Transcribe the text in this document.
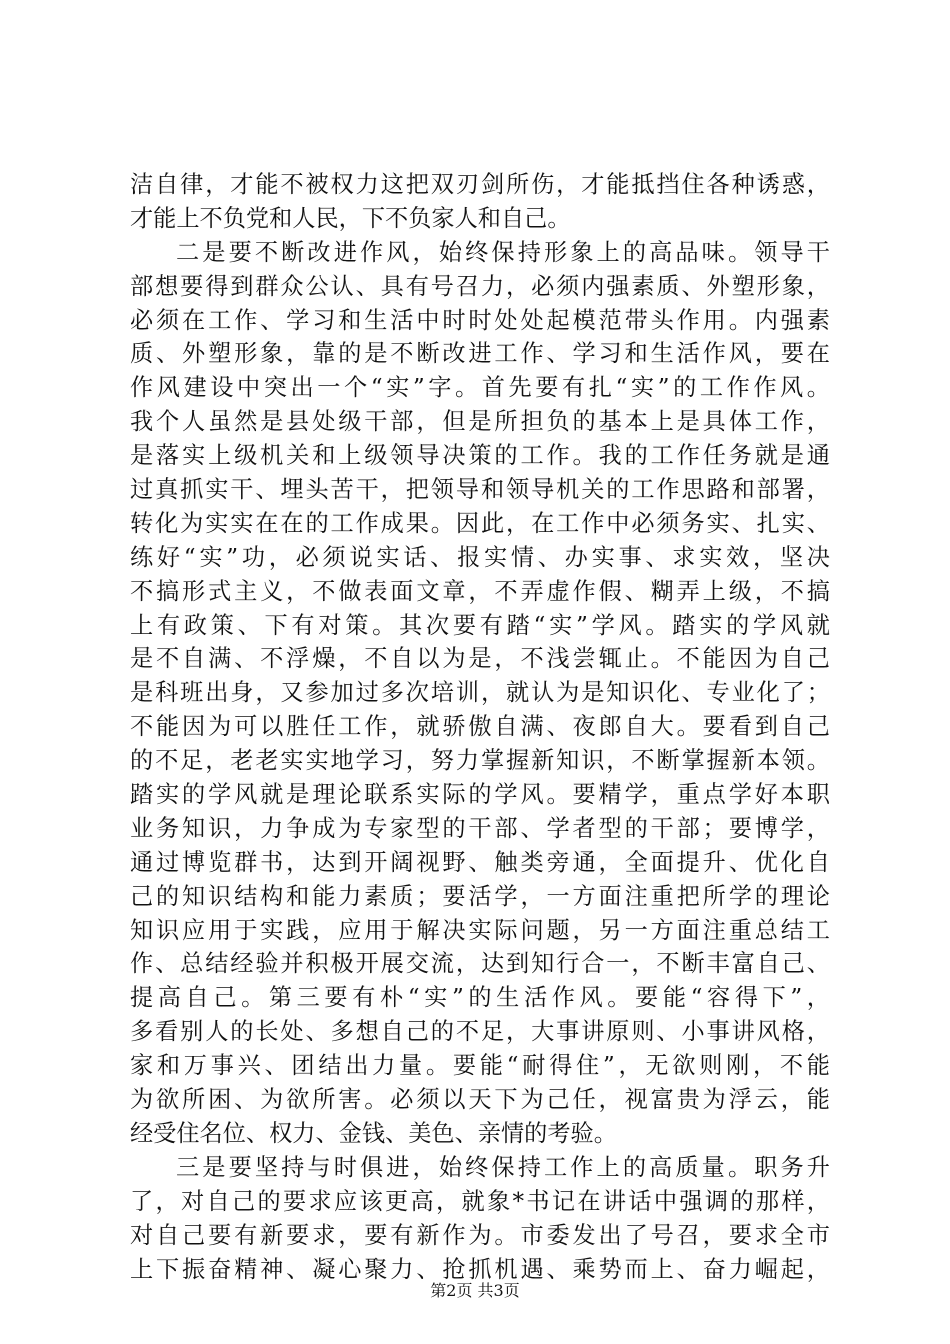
洁自律，才能不被权力这把双刃剑所伤，才能抵挡住各种诱惑，
才能上不负党和人民，下不负家人和自己。
二是要不断改进作风，始终保持形象上的高品味。领导干
部想要得到群众公认、具有号召力，必须内强素质、外塑形象，
必须在工作、学习和生活中时时处处起模范带头作用。内强素
质、外塑形象，靠的是不断改进工作、学习和生活作风，要在
作风建设中突出一个“实”字。首先要有扎“实”的工作作风。
我个人虽然是县处级干部，但是所担负的基本上是具体工作，
是落实上级机关和上级领导决策的工作。我的工作任务就是通
过真抓实干、埋头苦干，把领导和领导机关的工作思路和部署，
转化为实实在在的工作成果。因此，在工作中必须务实、扎实、
练好“实”功，必须说实话、报实情、办实事、求实效，坚决
不搞形式主义，不做表面文章，不弄虚作假、糊弄上级，不搞
上有政策、下有对策。其次要有踏“实”学风。踏实的学风就
是不自满、不浮燥，不自以为是，不浅尝辄止。不能因为自己
是科班出身，又参加过多次培训，就认为是知识化、专业化了；
不能因为可以胜任工作，就骄傲自满、夜郎自大。要看到自己
的不足，老老实实地学习，努力掌握新知识，不断掌握新本领。
踏实的学风就是理论联系实际的学风。要精学，重点学好本职
业务知识，力争成为专家型的干部、学者型的干部；要博学，
通过博览群书，达到开阔视野、触类旁通，全面提升、优化自
己的知识结构和能力素质；要活学，一方面注重把所学的理论
知识应用于实践，应用于解决实际问题，另一方面注重总结工
作、总结经验并积极开展交流，达到知行合一，不断丰富自己、
提高自己。第三要有朴“实”的生活作风。要能“容得下”，
多看别人的长处、多想自己的不足，大事讲原则、小事讲风格，
家和万事兴、团结出力量。要能“耐得住”，无欲则刚，不能
为欲所困、为欲所害。必须以天下为己任，视富贵为浮云，能
经受住名位、权力、金钱、美色、亲情的考验。
三是要坚持与时俱进，始终保持工作上的高质量。职务升
了，对自己的要求应该更高，就象*书记在讲话中强调的那样，
对自己要有新要求，要有新作为。市委发出了号召，要求全市
上下振奋精神、凝心聚力、抢抓机遇、乘势而上、奋力崛起，
第2页 共3页
